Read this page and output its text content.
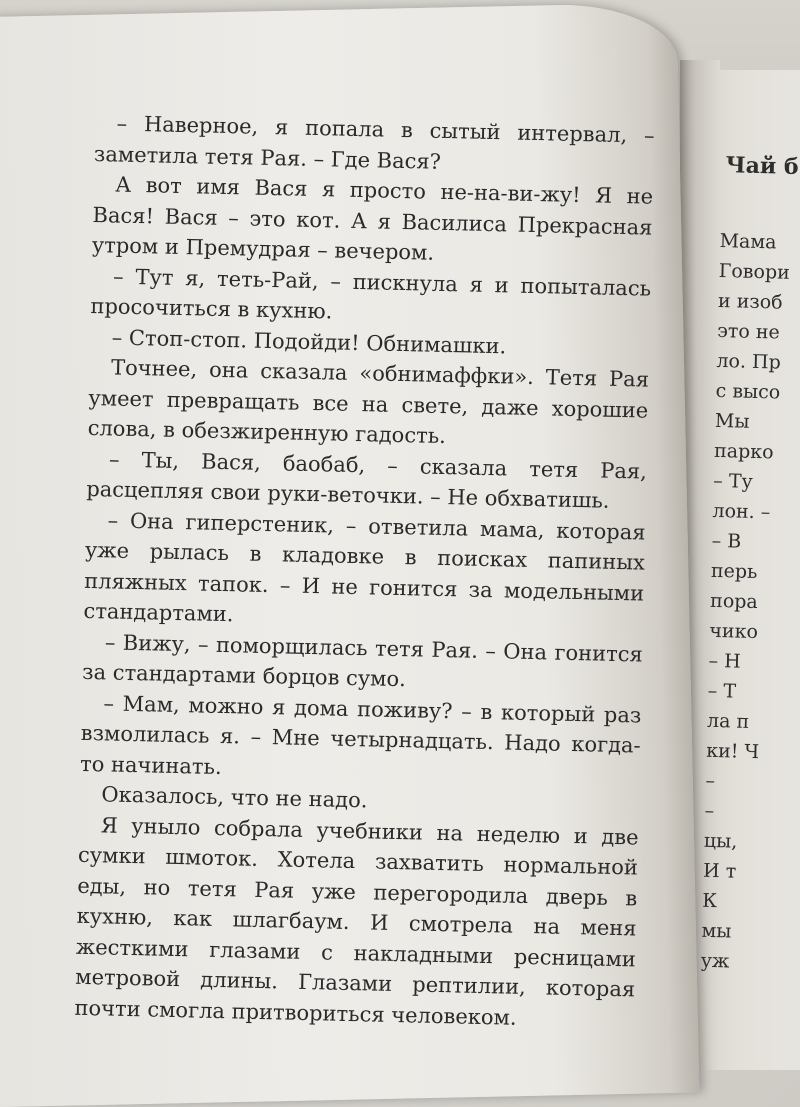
– Наверное, я попала в сытый интервал, – заметила тетя Рая. – Где Вася?

А вот имя Вася я просто не-на-ви-жу! Я не Вася! Вася – это кот. А я Василиса Прекрасная утром и Премудрая – вечером.

– Тут я, теть-Рай, – пискнула я и попыталась просочиться в кухню.

– Стоп-стоп. Подойди! Обнимашки.

Точнее, она сказала «обнимаффки». Тетя Рая умеет превращать все на свете, даже хорошие слова, в обезжиренную гадость.

– Ты, Вася, баобаб, – сказала тетя Рая, расцепляя свои руки-веточки. – Не обхватишь.

– Она гиперстеник, – ответила мама, которая уже рылась в кладовке в поисках папиных пляжных тапок. – И не гонится за модельными стандартами.

– Вижу, – поморщилась тетя Рая. – Она гонится за стандартами борцов сумо.

– Мам, можно я дома поживу? – в который раз взмолилась я. – Мне четырнадцать. Надо когда-то начинать.

Оказалось, что не надо.

Я уныло собрала учебники на неделю и две сумки шмоток. Хотела захватить нормальной еды, но тетя Рая уже перегородила дверь в кухню, как шлагбаум. И смотрела на меня жесткими глазами с накладными ресницами метровой длины. Глазами рептилии, которая почти смогла притвориться человеком.

Чай б
Мама
Говори
и изоб
это не
ло. Пр
с высо
Мы
парко
– Ту
лон. –
– В
перь
пора
чико
– Н
– Т
ла п
ки! Ч
–
–
цы,
И т
К
мы
уж
